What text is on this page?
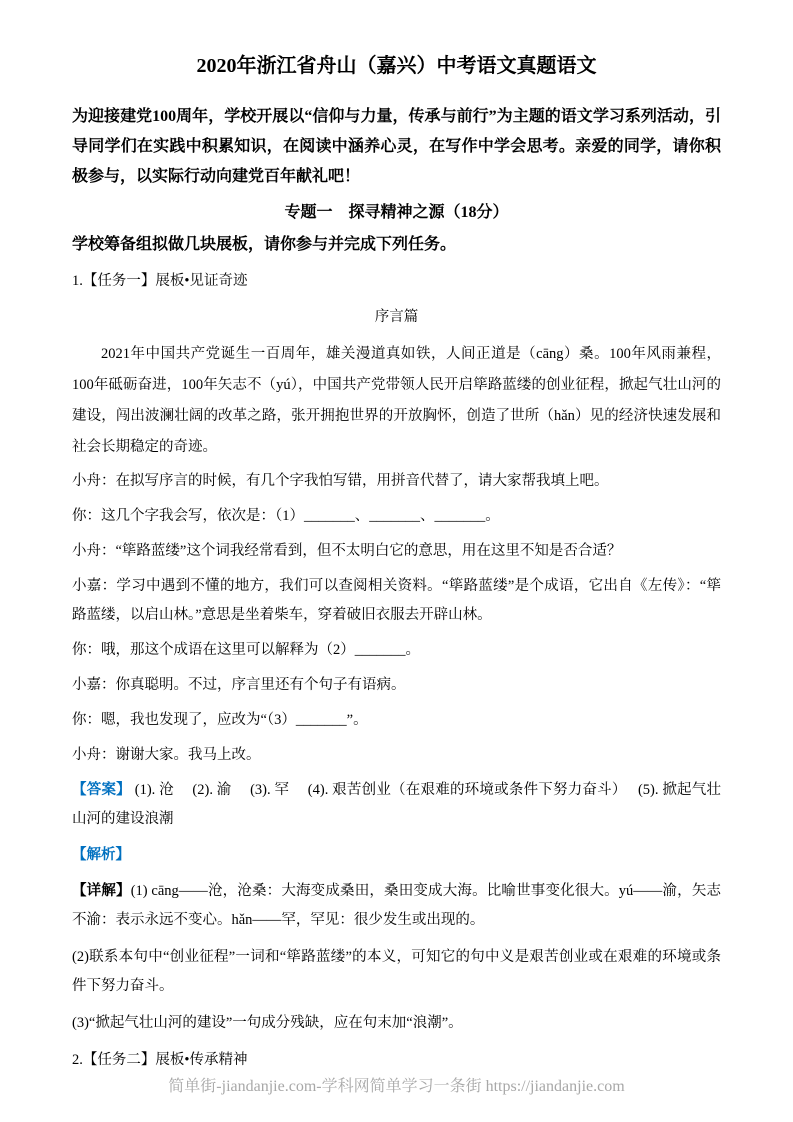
2020年浙江省舟山（嘉兴）中考语文真题语文

为迎接建党100周年，学校开展以“信仰与力量，传承与前行”为主题的语文学习系列活动，引导同学们在实践中积累知识，在阅读中涵养心灵，在写作中学会思考。亲爱的同学，请你积极参与，以实际行动向建党百年献礼吧！

专题一　探寻精神之源（18分）

学校筹备组拟做几块展板，请你参与并完成下列任务。

1.【任务一】展板•见证奇迹

序言篇

2021年中国共产党诞生一百周年，雄关漫道真如铁，人间正道是（cāng）桑。100年风雨兼程，100年砥砺奋进，100年矢志不（yú），中国共产党带领人民开启筚路蓝缕的创业征程，掀起气壮山河的建设，闯出波澜壮阔的改革之路，张开拥抱世界的开放胸怀，创造了世所（hǎn）见的经济快速发展和社会长期稳定的奇迹。

小舟：在拟写序言的时候，有几个字我怕写错，用拼音代替了，请大家帮我填上吧。

你：这几个字我会写，依次是：（1）_______、_______、_______。

小舟：“筚路蓝缕”这个词我经常看到，但不太明白它的意思，用在这里不知是否合适？

小嘉：学习中遇到不懂的地方，我们可以查阅相关资料。“筚路蓝缕”是个成语，它出自《左传》：“筚路蓝缕，以启山林。”意思是坐着柴车，穿着破旧衣服去开辟山林。

你：哦，那这个成语在这里可以解释为（2）_______。

小嘉：你真聪明。不过，序言里还有个句子有语病。

你：嗯，我也发现了，应改为“（3）_______”。

小舟：谢谢大家。我马上改。

【答案】 (1). 沧　 (2). 渝　 (3). 罕　 (4). 艰苦创业（在艰难的环境或条件下努力奋斗）　 (5). 掀起气壮山河的建设浪潮

【解析】

【详解】(1) cāng——沧，沧桑：大海变成桑田，桑田变成大海。比喻世事变化很大。yú——渝，矢志不渝：表示永远不变心。hǎn——罕，罕见：很少发生或出现的。

(2)联系本句中“创业征程”一词和“筚路蓝缕”的本义，可知它的句中义是艰苦创业或在艰难的环境或条件下努力奋斗。

(3)“掀起气壮山河的建设”一句成分残缺，应在句末加“浪潮”。

2.【任务二】展板•传承精神

简单街-jiandanjie.com-学科网简单学习一条街 https://jiandanjie.com
